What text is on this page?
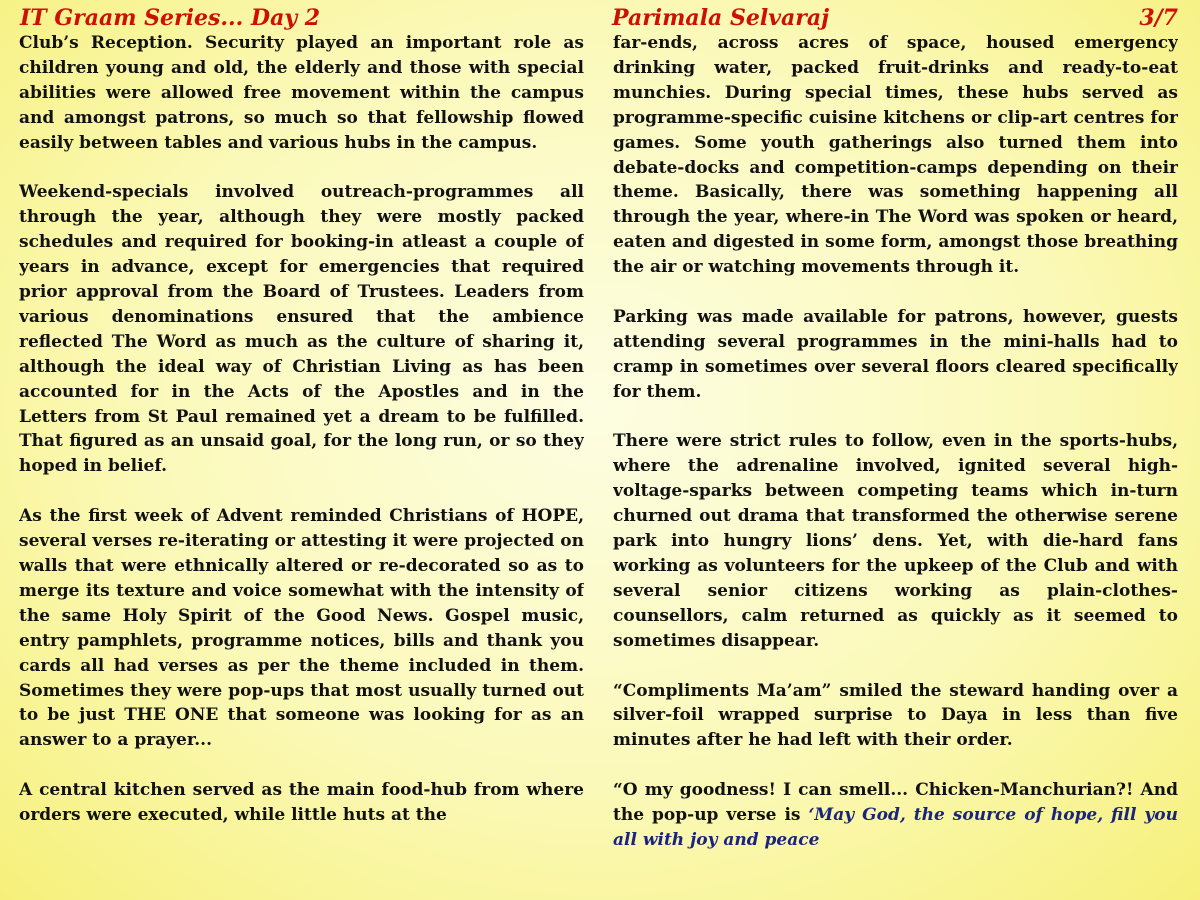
IT Graam Series... Day 2	Parimala Selvaraj	3/7

Club’s Reception. Security played an important role as children young and old, the elderly and those with special abilities were allowed free movement within the campus and amongst patrons, so much so that fellowship flowed easily between tables and various hubs in the campus.

Weekend-specials involved outreach-programmes all through the year, although they were mostly packed schedules and required for booking-in atleast a couple of years in advance, except for emergencies that required prior approval from the Board of Trustees. Leaders from various denominations ensured that the ambience reflected The Word as much as the culture of sharing it, although the ideal way of Christian Living as has been accounted for in the Acts of the Apostles and in the Letters from St Paul remained yet a dream to be fulfilled. That figured as an unsaid goal, for the long run, or so they hoped in belief.

As the first week of Advent reminded Christians of HOPE, several verses re-iterating or attesting it were projected on walls that were ethnically altered or re-decorated so as to merge its texture and voice somewhat with the intensity of the same Holy Spirit of the Good News. Gospel music, entry pamphlets, programme notices, bills and thank you cards all had verses as per the theme included in them. Sometimes they were pop-ups that most usually turned out to be just THE ONE that someone was looking for as an answer to a prayer...

A central kitchen served as the main food-hub from where orders were executed, while little huts at the

far-ends, across acres of space, housed emergency drinking water, packed fruit-drinks and ready-to-eat munchies. During special times, these hubs served as programme-specific cuisine kitchens or clip-art centres for games. Some youth gatherings also turned them into debate-docks and competition-camps depending on their theme. Basically, there was something happening all through the year, where-in The Word was spoken or heard, eaten and digested in some form, amongst those breathing the air or watching movements through it.

Parking was made available for patrons, however, guests attending several programmes in the mini-halls had to cramp in sometimes over several floors cleared specifically for them.

There were strict rules to follow, even in the sports-hubs, where the adrenaline involved, ignited several high-voltage-sparks between competing teams which in-turn churned out drama that transformed the otherwise serene park into hungry lions’ dens. Yet, with die-hard fans working as volunteers for the upkeep of the Club and with several senior citizens working as plain-clothes-counsellors, calm returned as quickly as it seemed to sometimes disappear.

“Compliments Ma’am” smiled the steward handing over a silver-foil wrapped surprise to Daya in less than five minutes after he had left with their order.

“O my goodness! I can smell... Chicken-Manchurian?! And the pop-up verse is ‘May God, the source of hope, fill you all with joy and peace
